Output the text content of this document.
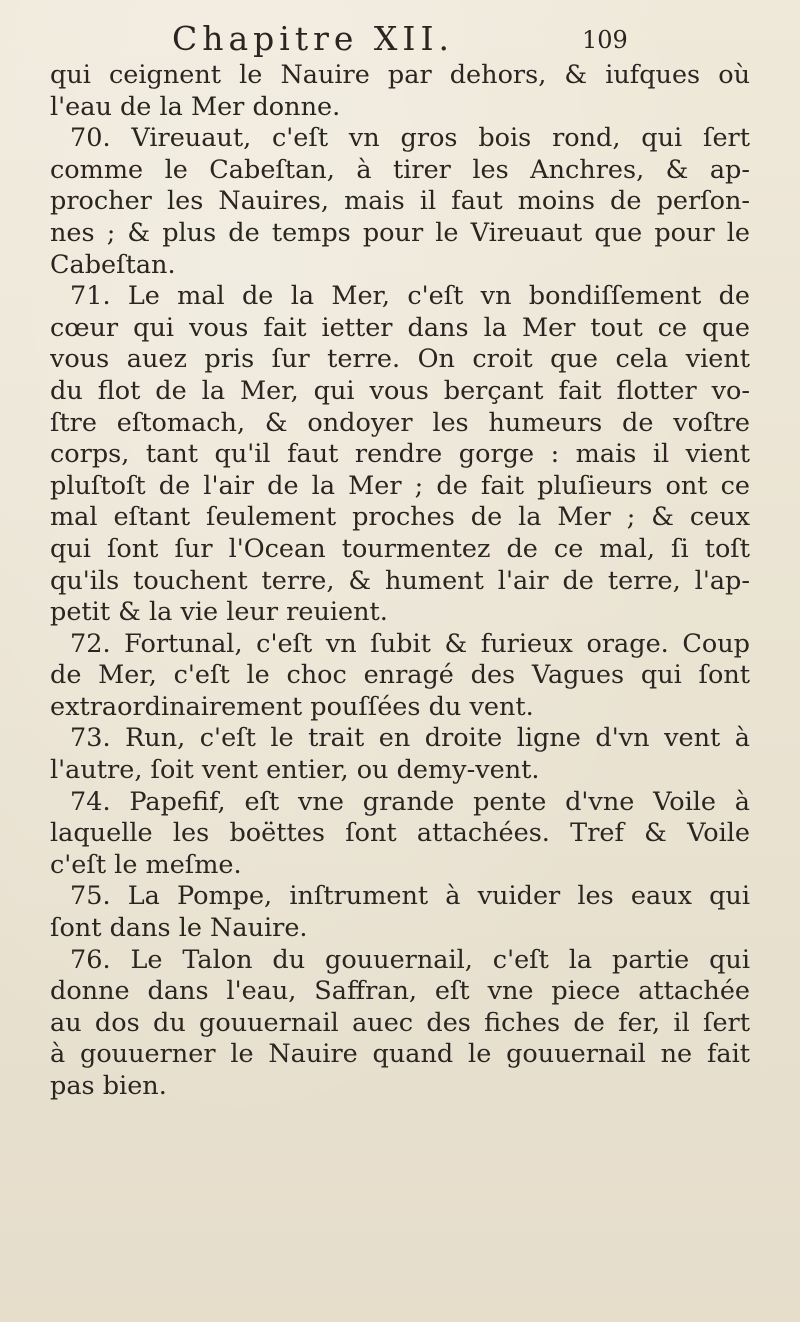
Chapitre XII.	109
qui ceignent le Nauire par dehors, & iufques où
l'eau de la Mer donne.
70. Vireuaut, c'eſt vn gros bois rond, qui ſert
comme le Cabeſtan, à tirer les Anchres, & ap-
procher les Nauires, mais il faut moins de perſon-
nes ; & plus de temps pour le Vireuaut que pour le
Cabeſtan.
71. Le mal de la Mer, c'eſt vn bondiſſement de
cœur qui vous fait ietter dans la Mer tout ce que
vous auez pris ſur terre. On croit que cela vient
du flot de la Mer, qui vous berçant fait flotter vo-
ſtre eſtomach, & ondoyer les humeurs de voſtre
corps, tant qu'il faut rendre gorge : mais il vient
pluſtoſt de l'air de la Mer ; de fait pluſieurs ont ce
mal eſtant ſeulement proches de la Mer ; & ceux
qui ſont ſur l'Ocean tourmentez de ce mal, ſi toſt
qu'ils touchent terre, & hument l'air de terre, l'ap-
petit & la vie leur reuient.
72. Fortunal, c'eſt vn ſubit & furieux orage. Coup
de Mer, c'eſt le choc enragé des Vagues qui ſont
extraordinairement pouſſées du vent.
73. Run, c'eſt le trait en droite ligne d'vn vent à
l'autre, ſoit vent entier, ou demy-vent.
74. Papefif, eſt vne grande pente d'vne Voile à
laquelle les boëttes ſont attachées. Tref & Voile
c'eſt le meſme.
75. La Pompe, inſtrument à vuider les eaux qui
ſont dans le Nauire.
76. Le Talon du gouuernail, c'eſt la partie qui
donne dans l'eau, Saffran, eſt vne piece attachée
au dos du gouuernail auec des fiches de fer, il ſert
à gouuerner le Nauire quand le gouuernail ne fait
pas bien.
